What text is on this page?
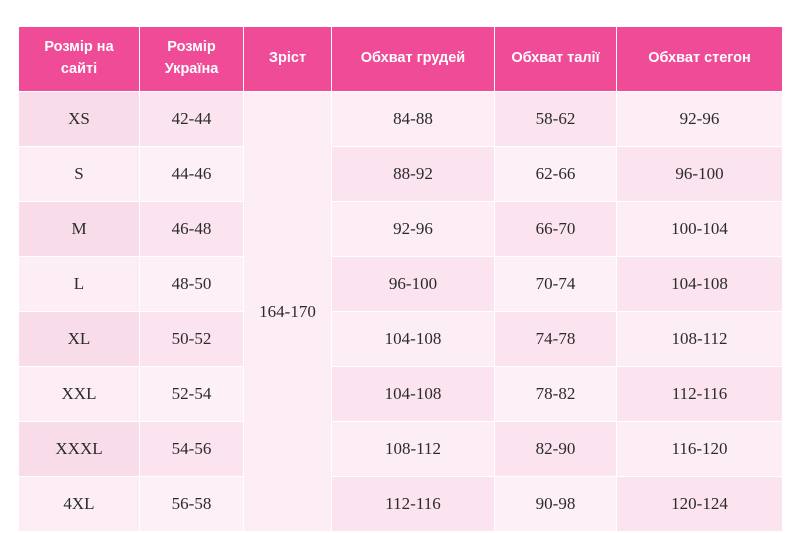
Розмір на сайті	Розмір Україна	Зріст	Обхват грудей	Обхват талії	Обхват стегон
XS	42-44	164-170	84-88	58-62	92-96
S	44-46		88-92	62-66	96-100
M	46-48		92-96	66-70	100-104
L	48-50		96-100	70-74	104-108
XL	50-52		104-108	74-78	108-112
XXL	52-54		104-108	78-82	112-116
XXXL	54-56		108-112	82-90	116-120
4XL	56-58		112-116	90-98	120-124
